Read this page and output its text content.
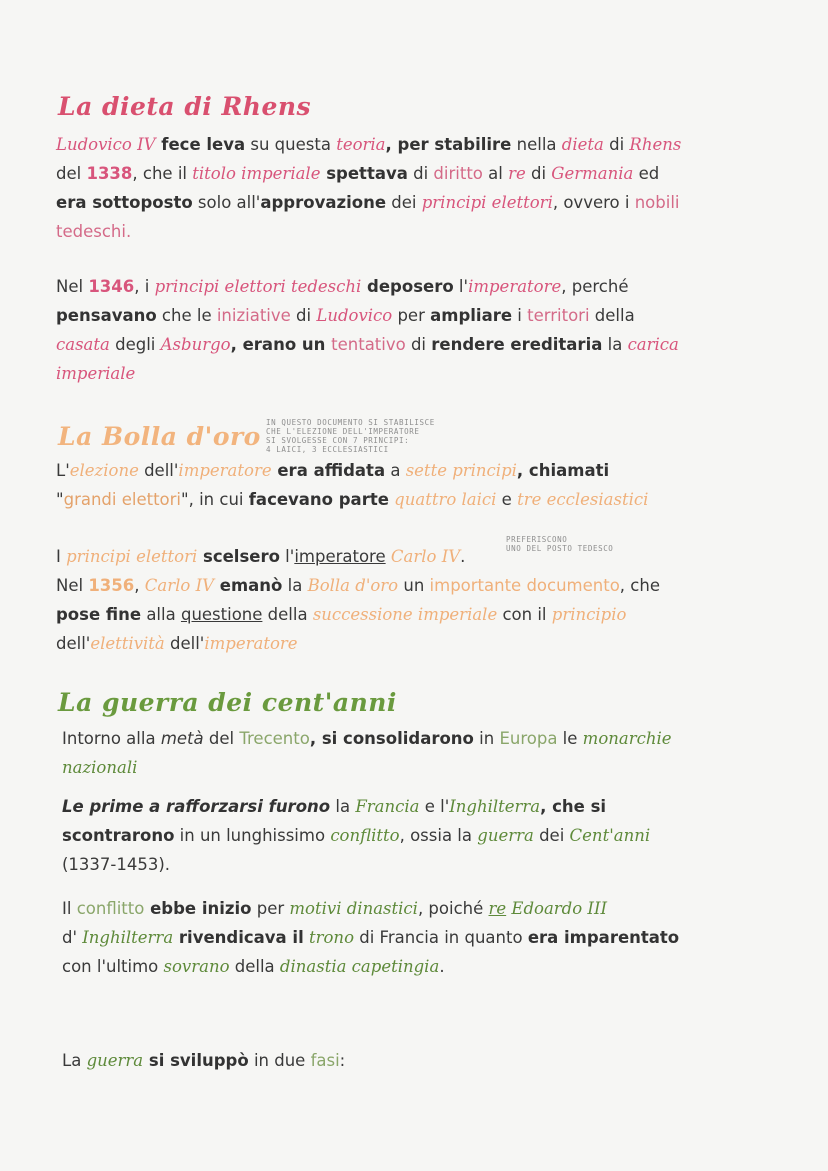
La dieta di Rhens

Ludovico IV fece leva su questa teoria, per stabilire nella dieta di Rhens
del 1338, che il titolo imperiale spettava di diritto al re di Germania ed
era sottoposto solo all'approvazione dei principi elettori, ovvero i nobili
tedeschi.

Nel 1346, i principi elettori tedeschi deposero l'imperatore, perché
pensavano che le iniziative di Ludovico per ampliare i territori della
casata degli Asburgo, erano un tentativo di rendere ereditaria la carica
imperiale

La Bolla d'oro IN QUESTO DOCUMENTO SI STABILISCE
CHE L'ELEZIONE DELL'IMPERATORE
SI SVOLGESSE CON 7 PRINCIPI:
4 LAICI, 3 ECCLESIASTICI

L'elezione dell'imperatore era affidata a sette principi, chiamati
"grandi elettori", in cui facevano parte quattro laici e tre ecclesiastici

PREFERISCONO
UNO DEL POSTO TEDESCO

I principi elettori scelsero l'imperatore Carlo IV.
Nel 1356, Carlo IV emanò la Bolla d'oro un importante documento, che
pose fine alla questione della successione imperiale con il principio
dell'elettività dell'imperatore

La guerra dei cent'anni

Intorno alla metà del Trecento, si consolidarono in Europa le monarchie
nazionali

Le prime a rafforzarsi furono la Francia e l'Inghilterra, che si
scontrarono in un lunghissimo conflitto, ossia la guerra dei Cent'anni
(1337-1453).

Il conflitto ebbe inizio per motivi dinastici, poiché re Edoardo III
d' Inghilterra rivendicava il trono di Francia in quanto era imparentato
con l'ultimo sovrano della dinastia capetingia.

La guerra si sviluppò in due fasi:
